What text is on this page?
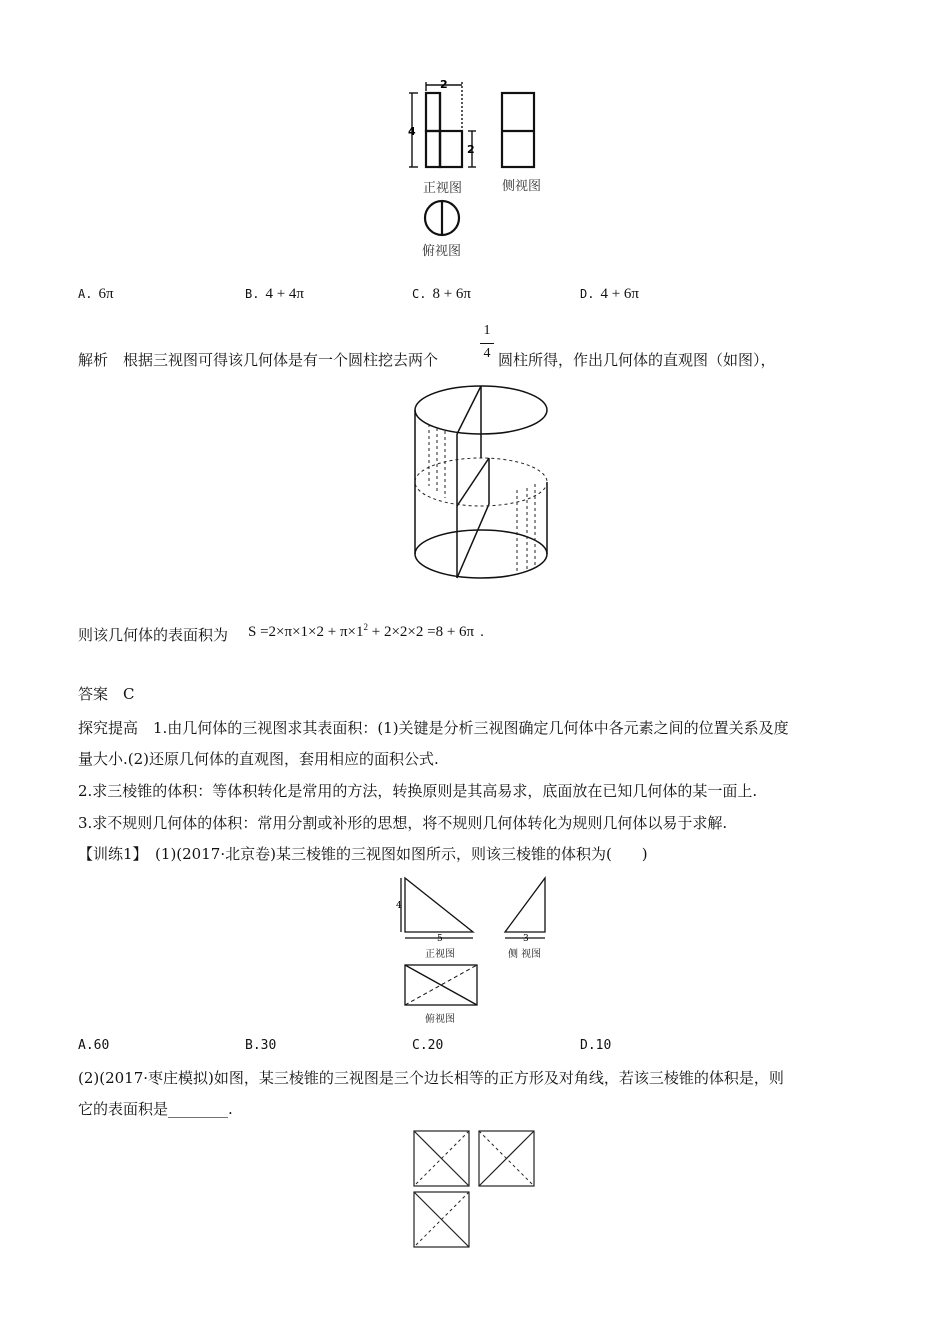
2
4
2
正视图	侧视图
俯视图
A. 6π	B. 4 + 4π	C. 8 + 6π	D. 4 + 6π
解析　根据三视图可得该几何体是有一个圆柱挖去两个
1
4 圆柱所得，作出几何体的直观图（如图），
则该几何体的表面积为 $S =2\times\pi\times 1\times 2 + \pi\times 1^2 + 2\times 2\times 2 =8 + 6\pi$ .
答案　C
探究提高　1.由几何体的三视图求其表面积：(1)关键是分析三视图确定几何体中各元素之间的位置关系及度
量大小.(2)还原几何体的直观图，套用相应的面积公式.
2.求三棱锥的体积：等体积转化是常用的方法，转换原则是其高易求，底面放在已知几何体的某一面上.
3.求不规则几何体的体积：常用分割或补形的思想，将不规则几何体转化为规则几何体以易于求解.
【训练1】　(1)(2017·北京卷)某三棱锥的三视图如图所示，则该三棱锥的体积为(　　)
4
5	3
正视图	侧 视图
俯视图
A.60	B.30	C.20	D.10
(2)(2017·枣庄模拟)如图，某三棱锥的三视图是三个边长相等的正方形及对角线，若该三棱锥的体积是，则
它的表面积是________.
